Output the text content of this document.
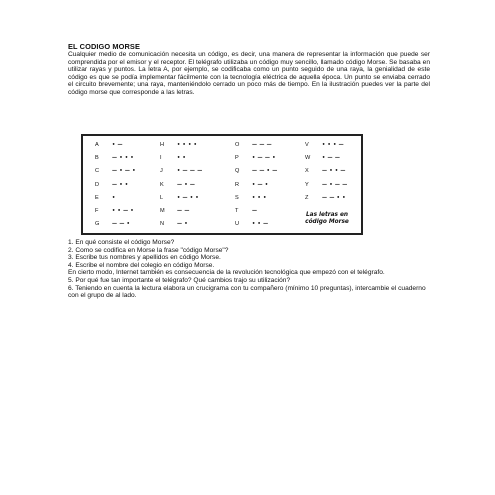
EL CODIGO MORSE
Cualquier medio de comunicación necesita un código, es decir, una manera de representar la información que puede ser comprendida por el emisor y el receptor. El telégrafo utilizaba un código muy sencillo, llamado código Morse. Se basaba en utilizar rayas y puntos. La letra A, por ejemplo, se codificaba como un punto seguido de una raya, la genialidad de este código es que se podía implementar fácilmente con la tecnología eléctrica de aquella época. Un punto se enviaba cerrado el circuito brevemente; una raya, manteniéndolo cerrado un poco más de tiempo. En la ilustración puedes ver la parte del código morse que corresponde a las letras.
Las letras en
código Morse
A	• —	H	• • • •	O	— — —	V	• • • —
B	— • • •	I	• •	P	• — — •	W	• — —
C	— • — •	J	• — — —	Q	— — • —	X	— • • —
D	— • •	K	— • —	R	• — •	Y	— • — —
E	•	L	• — • •	S	• • •	Z	— — • •
F	• • — •	M	— —	T	—
G	— — •	N	— •	U	• • —

1. En qué consiste el código Morse?

2. Como se codifica en Morse la frase "código Morse"?

3. Escribe tus nombres y apellidos en código Morse.

4. Escribe el nombre del colegio en código Morse.

En cierto modo, Internet también es consecuencia de la revolución tecnológica que empezó con el telégrafo.

5. Por qué fue tan importante el telégrafo? Qué cambios trajo su utilización?

6. Teniendo en cuenta la lectura elabora un crucigrama con tu compañero (mínimo 10 preguntas), intercambie el cuaderno con el grupo de al lado.
